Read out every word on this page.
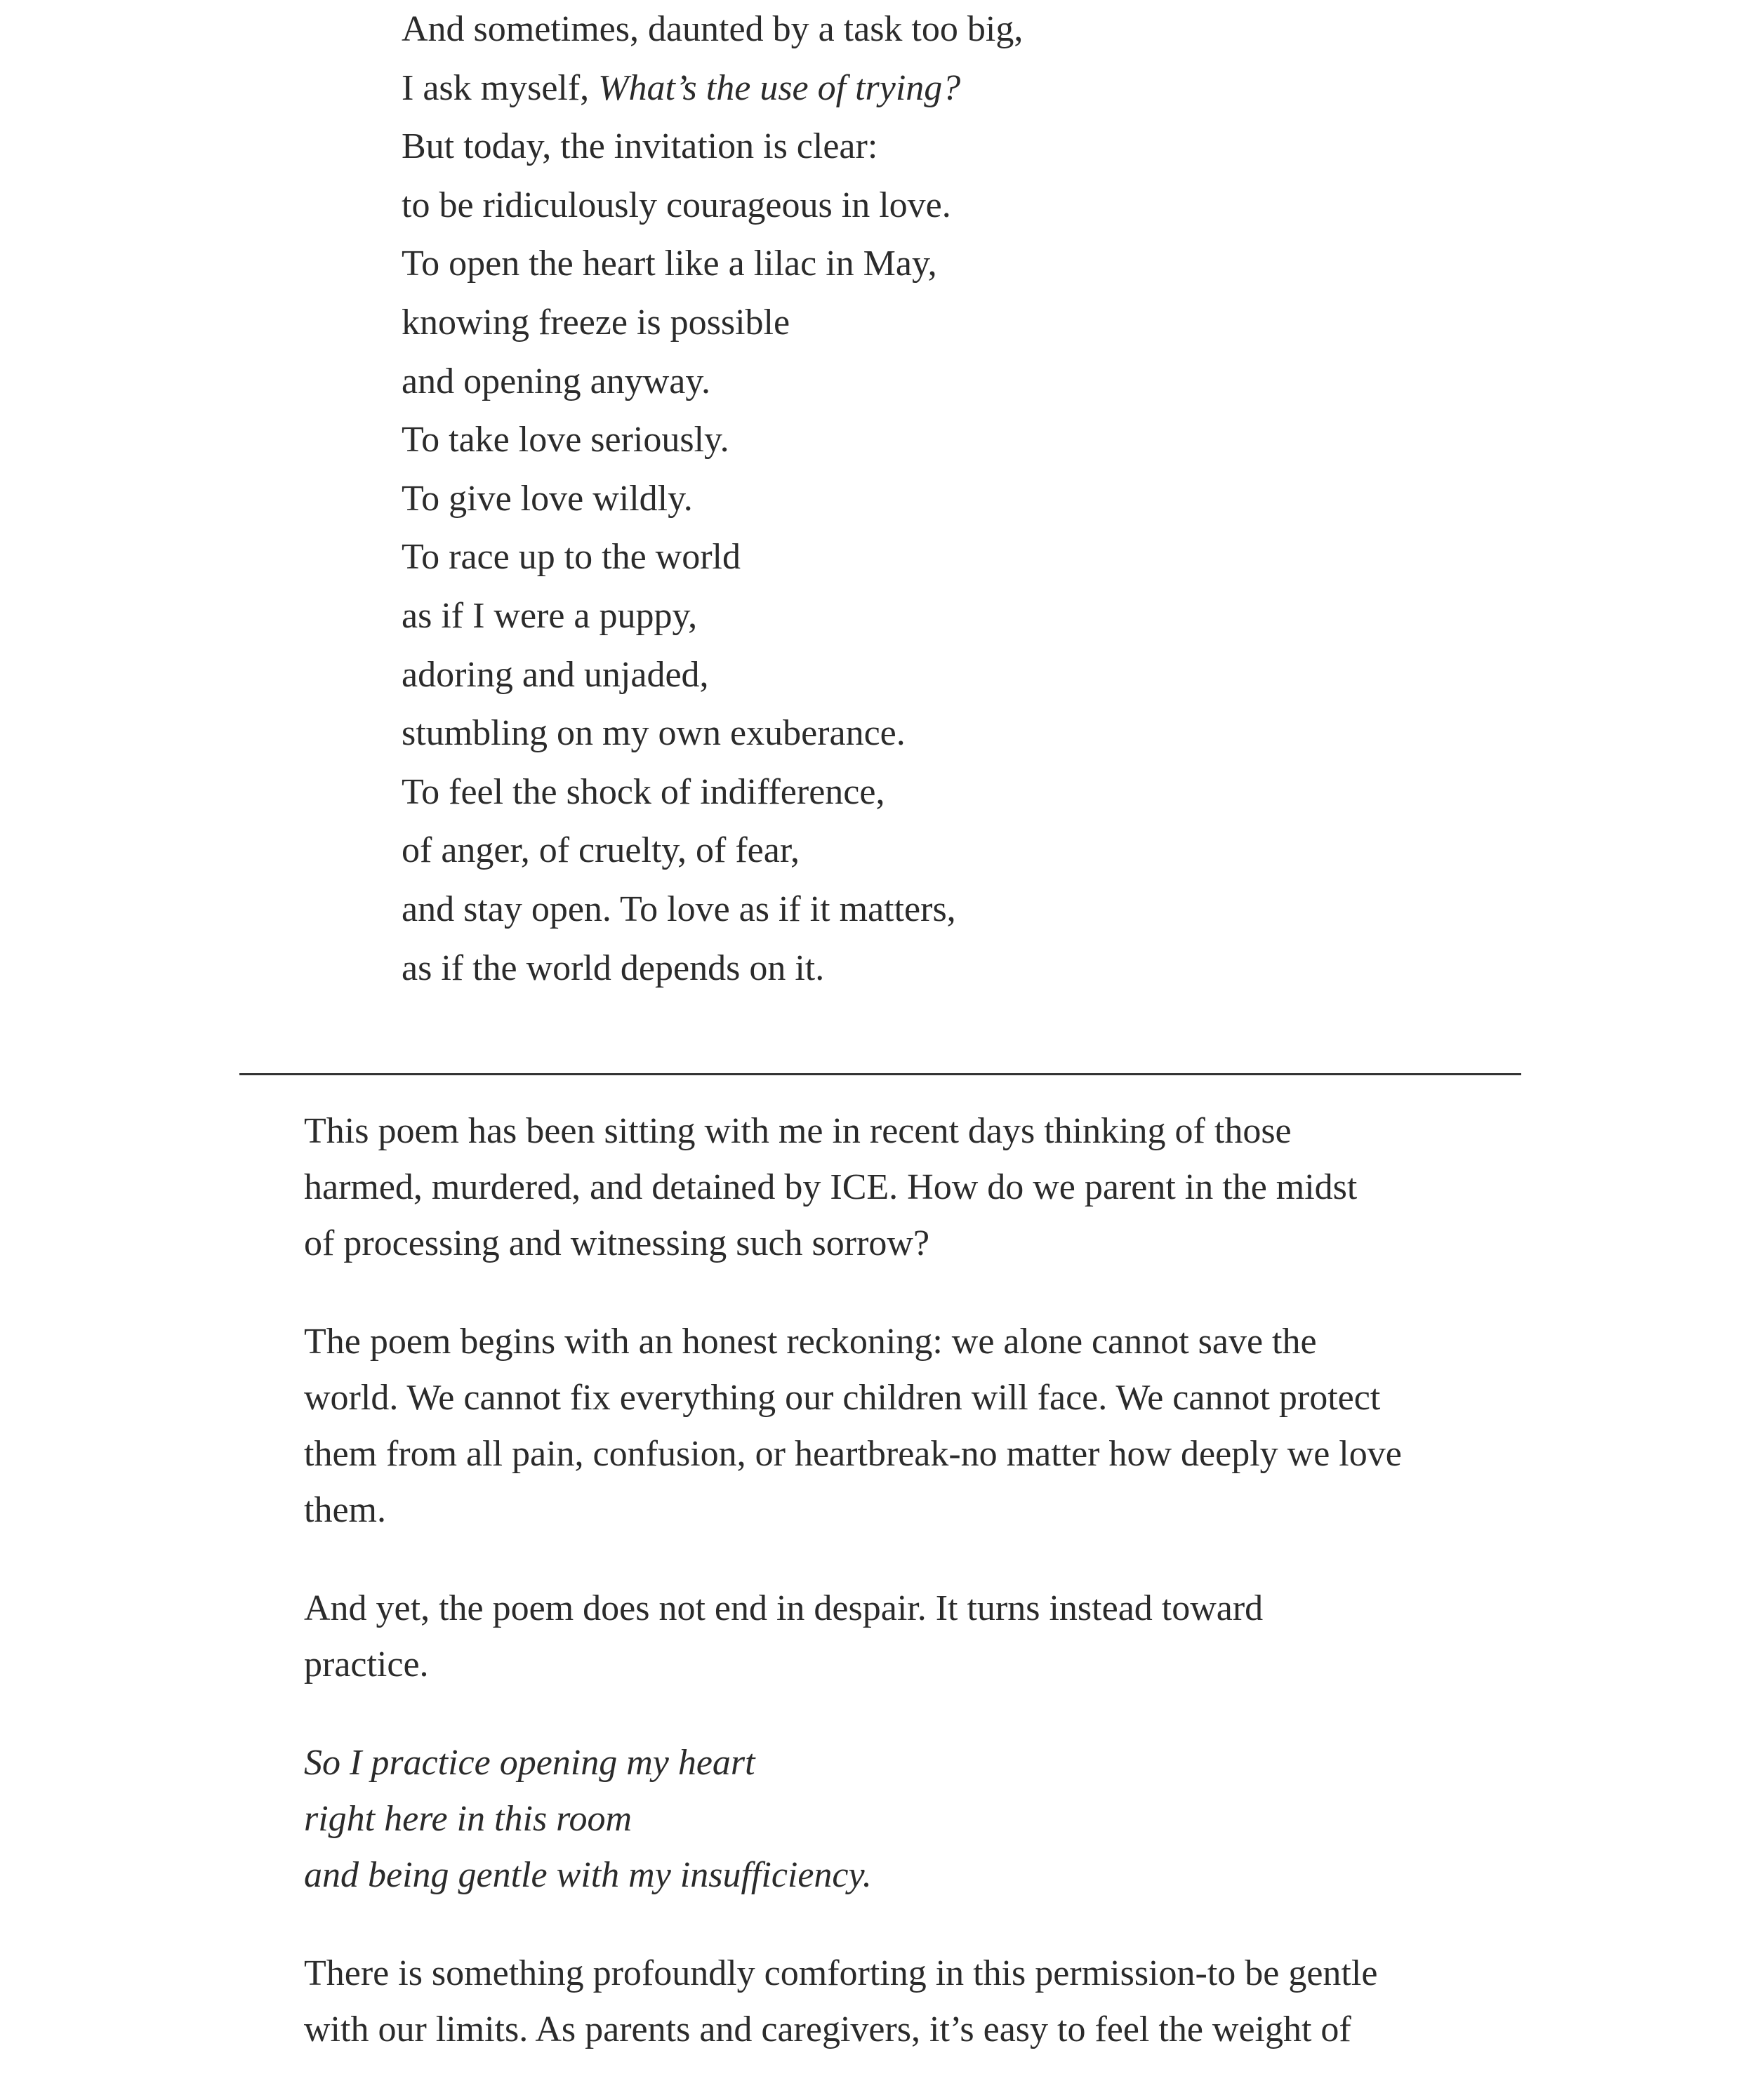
And sometimes, daunted by a task too big,
I ask myself, What’s the use of trying?
But today, the invitation is clear:
to be ridiculously courageous in love.
To open the heart like a lilac in May,
knowing freeze is possible
and opening anyway.
To take love seriously.
To give love wildly.
To race up to the world
as if I were a puppy,
adoring and unjaded,
stumbling on my own exuberance.
To feel the shock of indifference,
of anger, of cruelty, of fear,
and stay open. To love as if it matters,
as if the world depends on it.

This poem has been sitting with me in recent days thinking of those
harmed, murdered, and detained by ICE. How do we parent in the midst
of processing and witnessing such sorrow?

The poem begins with an honest reckoning: we alone cannot save the
world. We cannot fix everything our children will face. We cannot protect
them from all pain, confusion, or heartbreak-no matter how deeply we love
them.

And yet, the poem does not end in despair. It turns instead toward
practice.

So I practice opening my heart
right here in this room
and being gentle with my insufficiency.

There is something profoundly comforting in this permission-to be gentle
with our limits. As parents and caregivers, it’s easy to feel the weight of
